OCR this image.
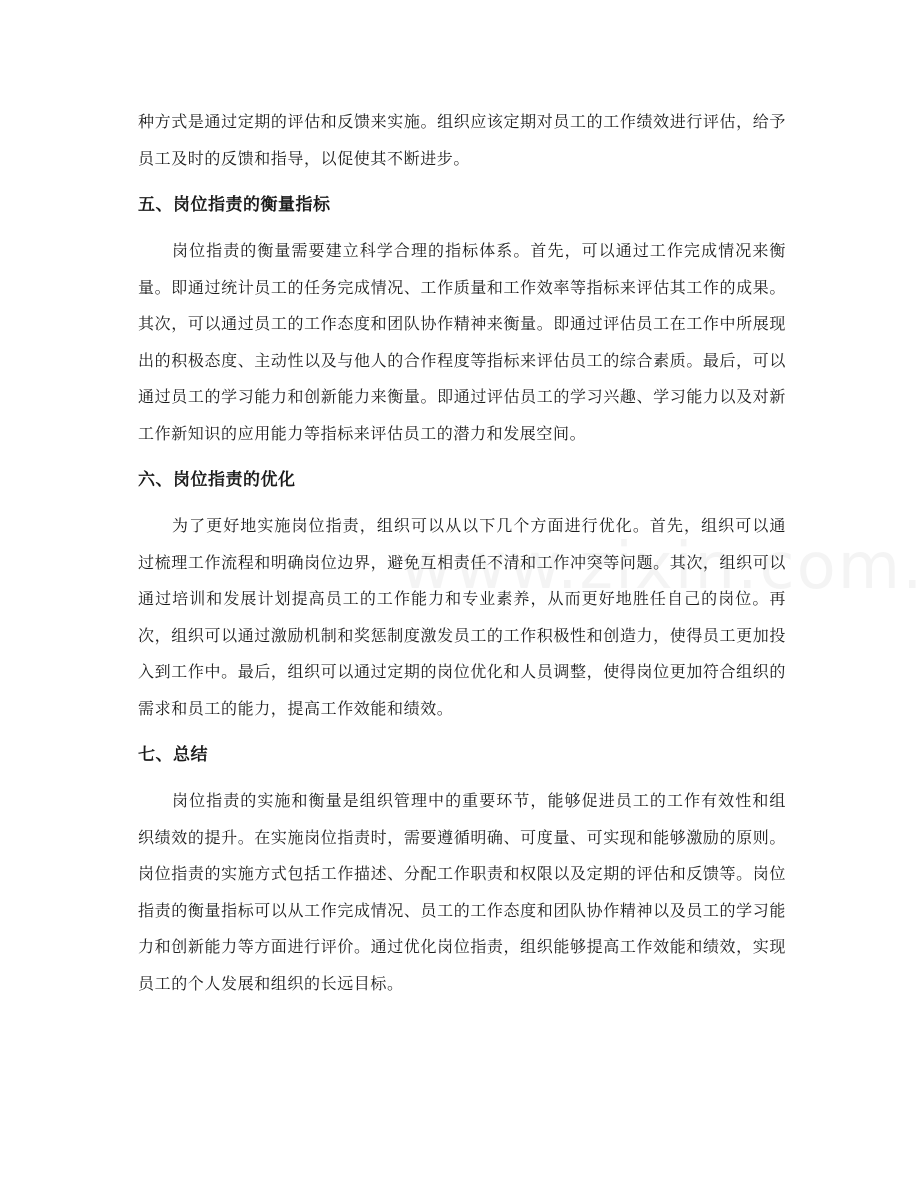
种方式是通过定期的评估和反馈来实施。组织应该定期对员工的工作绩效进行评估，给予员工及时的反馈和指导，以促使其不断进步。

五、岗位指责的衡量指标

岗位指责的衡量需要建立科学合理的指标体系。首先，可以通过工作完成情况来衡量。即通过统计员工的任务完成情况、工作质量和工作效率等指标来评估其工作的成果。其次，可以通过员工的工作态度和团队协作精神来衡量。即通过评估员工在工作中所展现出的积极态度、主动性以及与他人的合作程度等指标来评估员工的综合素质。最后，可以通过员工的学习能力和创新能力来衡量。即通过评估员工的学习兴趣、学习能力以及对新工作新知识的应用能力等指标来评估员工的潜力和发展空间。

六、岗位指责的优化

为了更好地实施岗位指责，组织可以从以下几个方面进行优化。首先，组织可以通过梳理工作流程和明确岗位边界，避免互相责任不清和工作冲突等问题。其次，组织可以通过培训和发展计划提高员工的工作能力和专业素养，从而更好地胜任自己的岗位。再次，组织可以通过激励机制和奖惩制度激发员工的工作积极性和创造力，使得员工更加投入到工作中。最后，组织可以通过定期的岗位优化和人员调整，使得岗位更加符合组织的需求和员工的能力，提高工作效能和绩效。

七、总结

岗位指责的实施和衡量是组织管理中的重要环节，能够促进员工的工作有效性和组织绩效的提升。在实施岗位指责时，需要遵循明确、可度量、可实现和能够激励的原则。岗位指责的实施方式包括工作描述、分配工作职责和权限以及定期的评估和反馈等。岗位指责的衡量指标可以从工作完成情况、员工的工作态度和团队协作精神以及员工的学习能力和创新能力等方面进行评价。通过优化岗位指责，组织能够提高工作效能和绩效，实现员工的个人发展和组织的长远目标。
